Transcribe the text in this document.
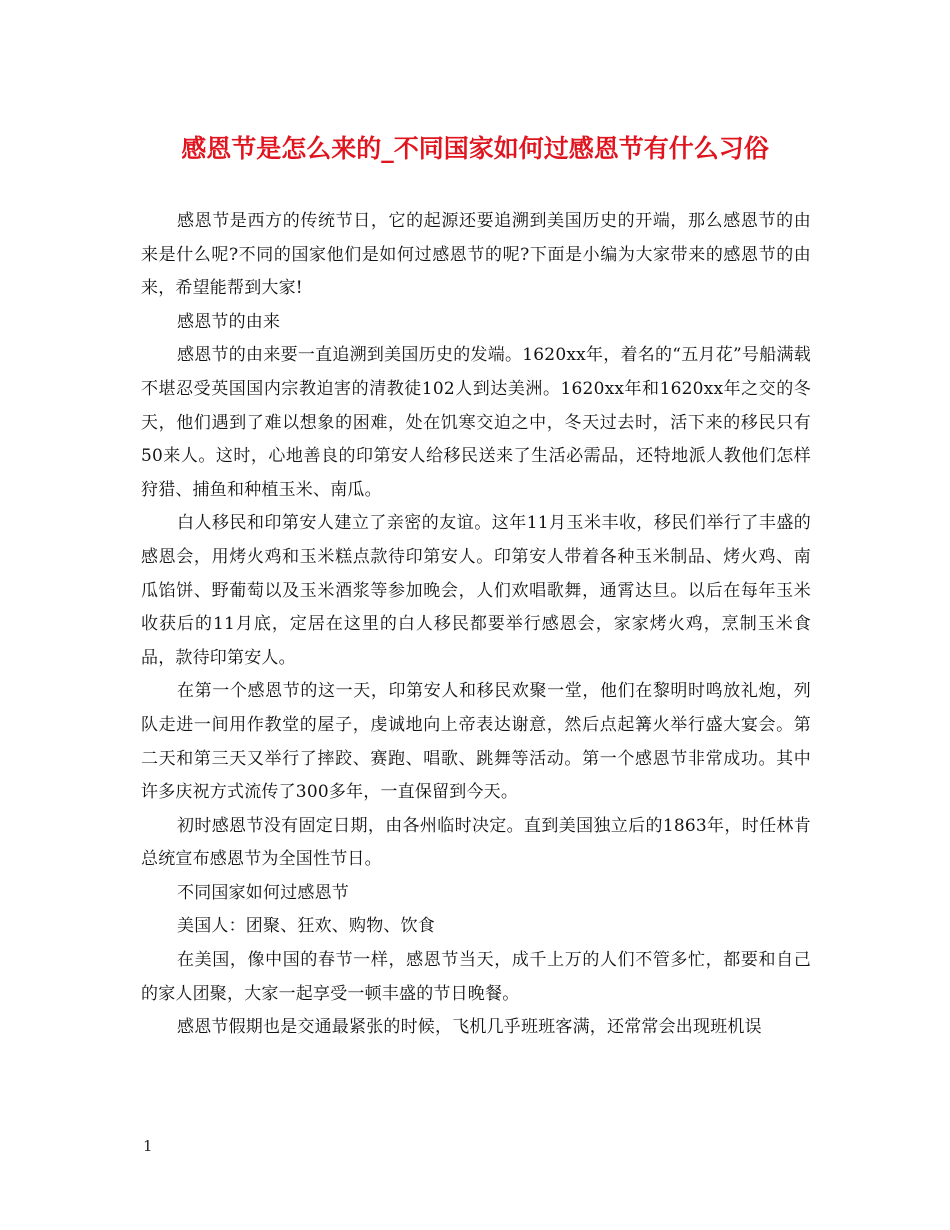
感恩节是怎么来的_不同国家如何过感恩节有什么习俗

感恩节是西方的传统节日，它的起源还要追溯到美国历史的开端，那么感恩节的由来是什么呢?不同的国家他们是如何过感恩节的呢?下面是小编为大家带来的感恩节的由来，希望能帮到大家!

感恩节的由来

感恩节的由来要一直追溯到美国历史的发端。1620xx年，着名的“五月花”号船满载不堪忍受英国国内宗教迫害的清教徒102人到达美洲。1620xx年和1620xx年之交的冬天，他们遇到了难以想象的困难，处在饥寒交迫之中，冬天过去时，活下来的移民只有50来人。这时，心地善良的印第安人给移民送来了生活必需品，还特地派人教他们怎样狩猎、捕鱼和种植玉米、南瓜。

白人移民和印第安人建立了亲密的友谊。这年11月玉米丰收，移民们举行了丰盛的感恩会，用烤火鸡和玉米糕点款待印第安人。印第安人带着各种玉米制品、烤火鸡、南瓜馅饼、野葡萄以及玉米酒浆等参加晚会，人们欢唱歌舞，通霄达旦。以后在每年玉米收获后的11月底，定居在这里的白人移民都要举行感恩会，家家烤火鸡，烹制玉米食品，款待印第安人。

在第一个感恩节的这一天，印第安人和移民欢聚一堂，他们在黎明时鸣放礼炮，列队走进一间用作教堂的屋子，虔诚地向上帝表达谢意，然后点起篝火举行盛大宴会。第二天和第三天又举行了摔跤、赛跑、唱歌、跳舞等活动。第一个感恩节非常成功。其中许多庆祝方式流传了300多年，一直保留到今天。

初时感恩节没有固定日期，由各州临时决定。直到美国独立后的1863年，时任林肯总统宣布感恩节为全国性节日。

不同国家如何过感恩节

美国人：团聚、狂欢、购物、饮食

在美国，像中国的春节一样，感恩节当天，成千上万的人们不管多忙，都要和自己的家人团聚，大家一起享受一顿丰盛的节日晚餐。

感恩节假期也是交通最紧张的时候，飞机几乎班班客满，还常常会出现班机误

1
